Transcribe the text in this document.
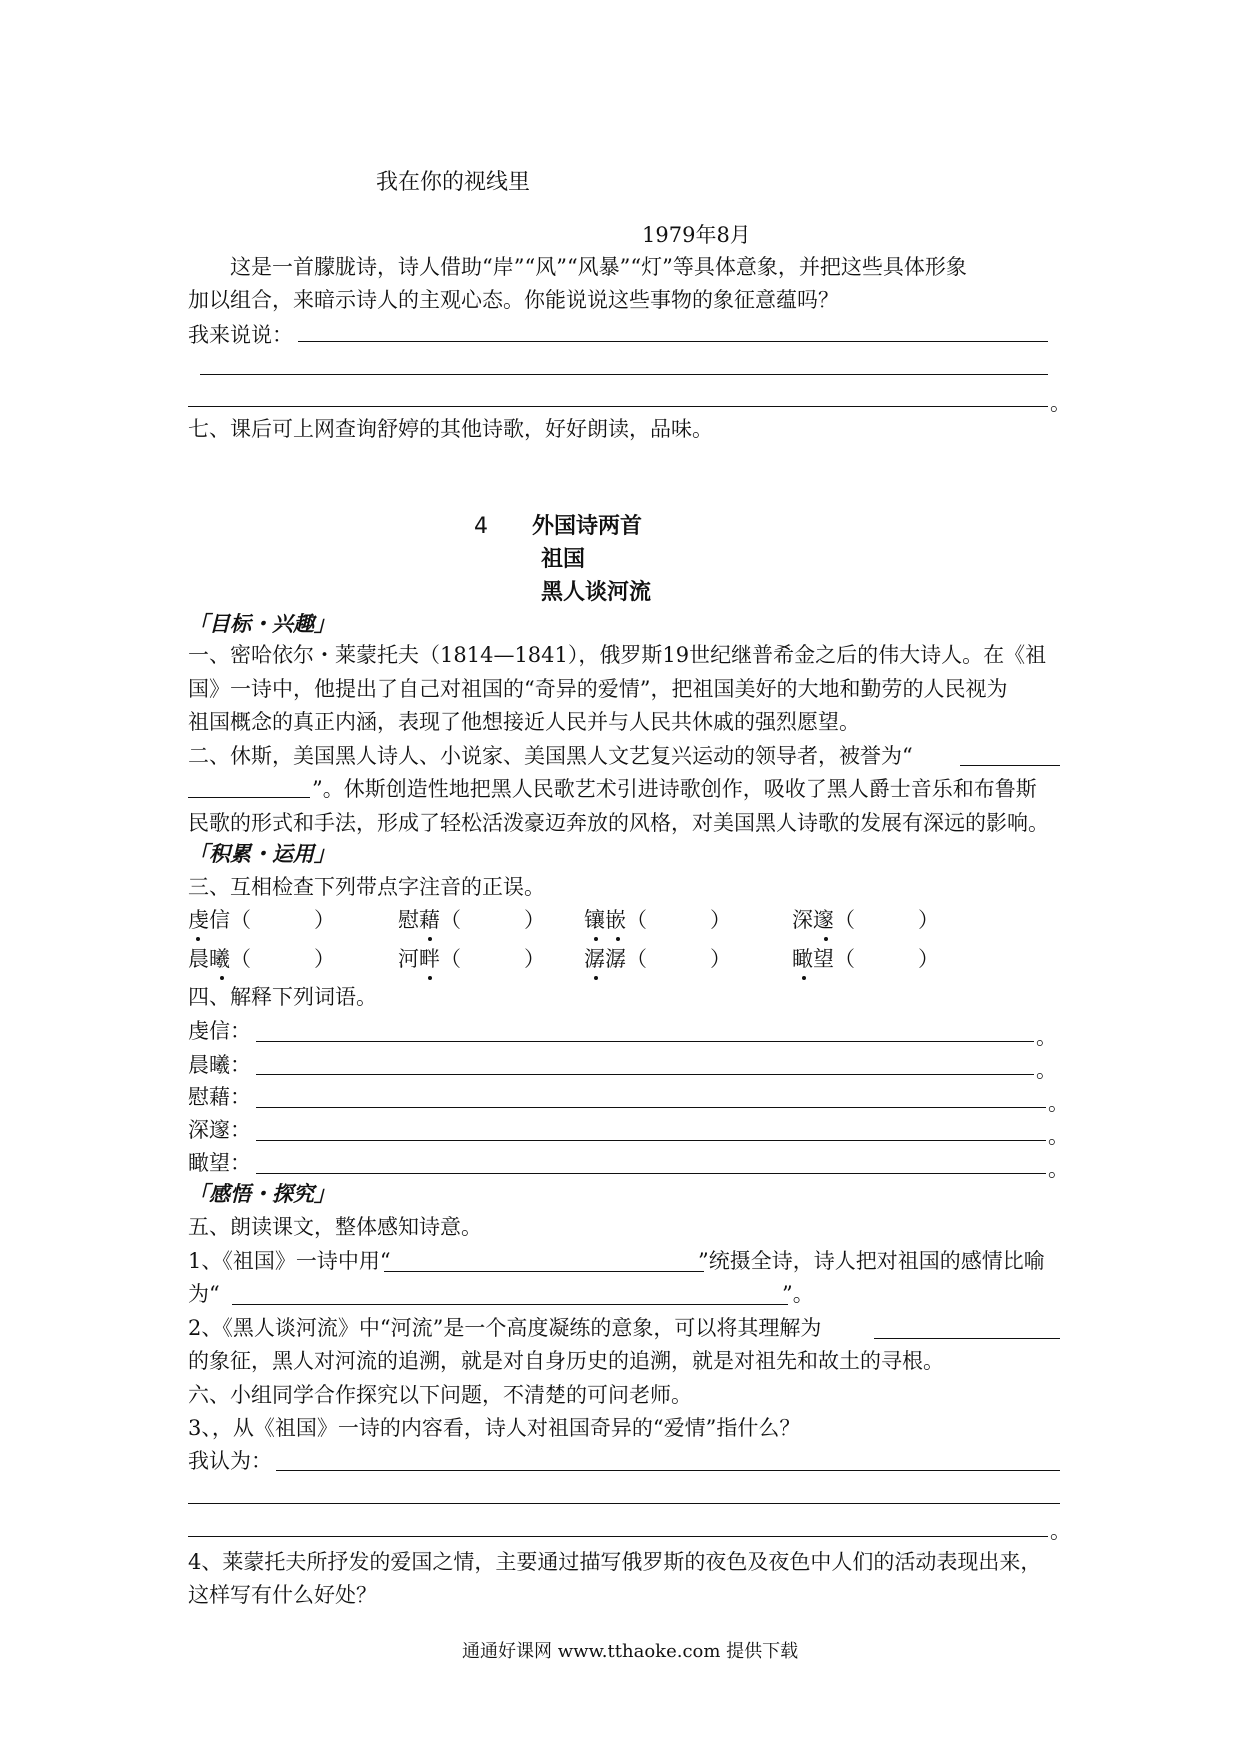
我在你的视线里
1979年8月
这是一首朦胧诗，诗人借助“岸”“风”“风暴”“灯”等具体意象，并把这些具体形象
加以组合，来暗示诗人的主观心态。你能说说这些事物的象征意蕴吗？
我来说说：
。
七、课后可上网查询舒婷的其他诗歌，好好朗读，品味。
4 外国诗两首
祖国
黑人谈河流
「目标・兴趣」
一、密哈依尔・莱蒙托夫（1814—1841），俄罗斯19世纪继普希金之后的伟大诗人。在《祖
国》一诗中，他提出了自己对祖国的“奇异的爱情”，把祖国美好的大地和勤劳的人民视为
祖国概念的真正内涵，表现了他想接近人民并与人民共休戚的强烈愿望。
二、休斯，美国黑人诗人、小说家、美国黑人文艺复兴运动的领导者，被誉为“
”。休斯创造性地把黑人民歌艺术引进诗歌创作，吸收了黑人爵士音乐和布鲁斯
民歌的形式和手法，形成了轻松活泼豪迈奔放的风格，对美国黑人诗歌的发展有深远的影响。
「积累・运用」
三、互相检查下列带点字注音的正误。
虔信（　　　）	慰藉（　　　） 镶嵌（　　　）	深邃（　　　）
晨曦（　　　）	河畔（　　　） 潺潺（　　　）	瞰望（　　　）
四、解释下列词语。
虔信：	。
晨曦：	。
慰藉：	。
深邃：	。
瞰望：	。
「感悟・探究」
五、朗读课文，整体感知诗意。
1、《祖国》一诗中用“	”统摄全诗，诗人把对祖国的感情比喻
为“	”。
2、《黑人谈河流》中“河流”是一个高度凝练的意象，可以将其理解为
的象征，黑人对河流的追溯，就是对自身历史的追溯，就是对祖先和故土的寻根。
六、小组同学合作探究以下问题，不清楚的可问老师。
3、，从《祖国》一诗的内容看，诗人对祖国奇异的“爱情”指什么？
我认为：
。
4、莱蒙托夫所抒发的爱国之情，主要通过描写俄罗斯的夜色及夜色中人们的活动表现出来，
这样写有什么好处？
通通好课网 www.tthaoke.com 提供下载
